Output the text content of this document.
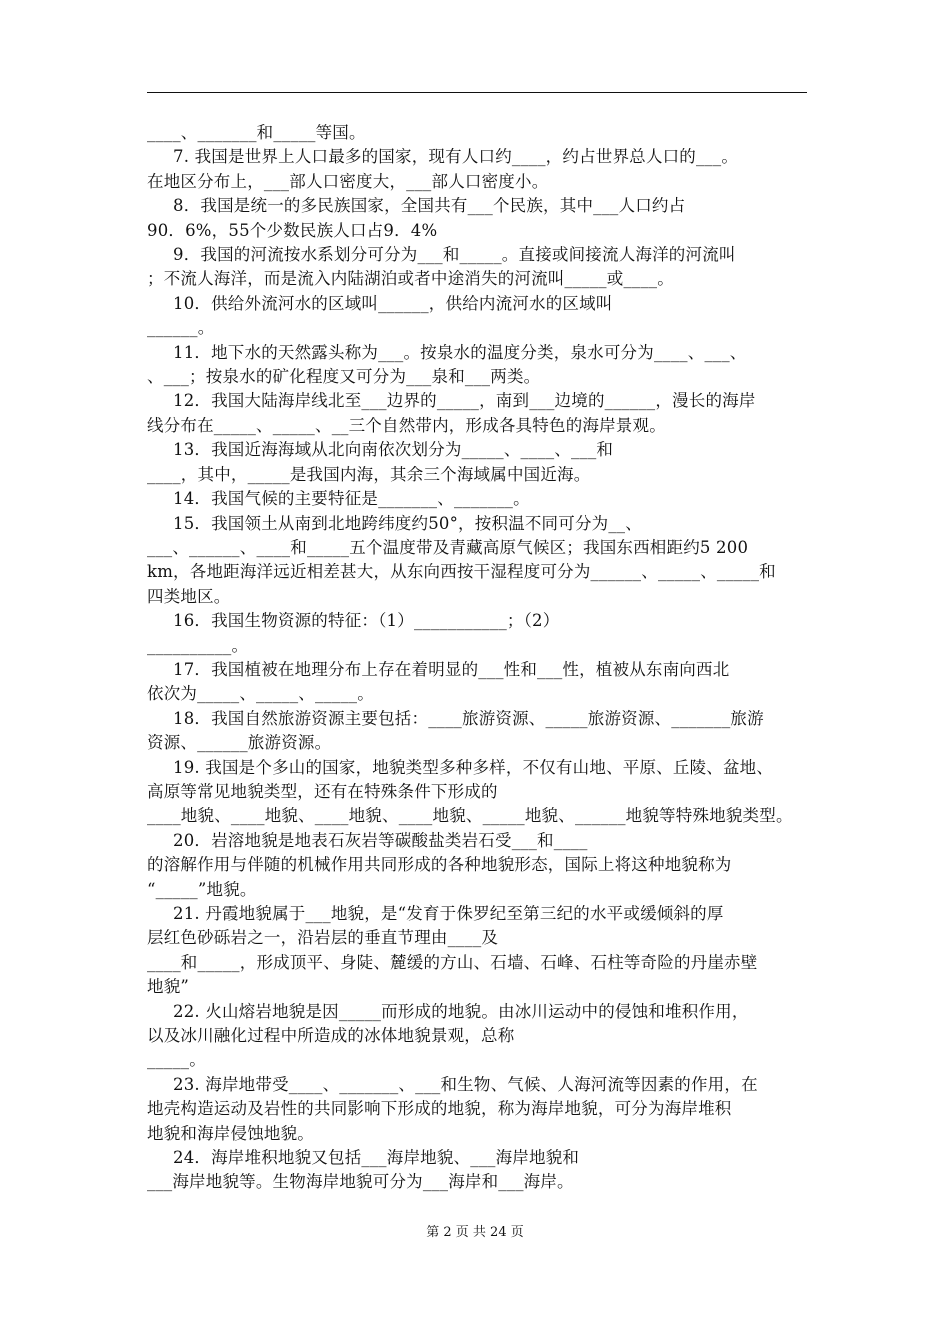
____、_______和_____等国。

7. 我国是世界上人口最多的国家，现有人口约____，约占世界总人口的___。

在地区分布上，___部人口密度大，___部人口密度小。

8．我国是统一的多民族国家，全国共有___个民族，其中___人口约占

90．6%，55个少数民族人口占9．4%

9．我国的河流按水系划分可分为___和_____。直接或间接流人海洋的河流叫

；不流人海洋，而是流入内陆湖泊或者中途消失的河流叫_____或____。

10．供给外流河水的区域叫______，供给内流河水的区域叫

______。

11．地下水的天然露头称为___。按泉水的温度分类，泉水可分为____、___、

、___；按泉水的矿化程度又可分为___泉和___两类。

12．我国大陆海岸线北至___边界的_____，南到___边境的______，漫长的海岸

线分布在_____、_____、__三个自然带内，形成各具特色的海岸景观。

13．我国近海海域从北向南依次划分为_____、____、___和

____，其中，_____是我国内海，其余三个海域属中国近海。

14．我国气候的主要特征是_______、_______。

15．我国领土从南到北地跨纬度约50°，按积温不同可分为__、

___、______、____和_____五个温度带及青藏高原气候区；我国东西相距约5 200

km，各地距海洋远近相差甚大，从东向西按干湿程度可分为______、_____、_____和

四类地区。

16．我国生物资源的特征：（1）___________；（2）

__________。

17．我国植被在地理分布上存在着明显的___性和___性，植被从东南向西北

依次为_____、_____、_____。

18．我国自然旅游资源主要包括：____旅游资源、_____旅游资源、_______旅游

资源、______旅游资源。

19. 我国是个多山的国家，地貌类型多种多样，不仅有山地、平原、丘陵、盆地、

高原等常见地貌类型，还有在特殊条件下形成的

____地貌、____地貌、____地貌、____地貌、_____地貌、______地貌等特殊地貌类型。

20．岩溶地貌是地表石灰岩等碳酸盐类岩石受___和____

的溶解作用与伴随的机械作用共同形成的各种地貌形态，国际上将这种地貌称为

“_____”地貌。

21. 丹霞地貌属于___地貌，是“发育于侏罗纪至第三纪的水平或缓倾斜的厚

层红色砂砾岩之一，沿岩层的垂直节理由____及

____和_____，形成顶平、身陡、麓缓的方山、石墙、石峰、石柱等奇险的丹崖赤壁

地貌”

22. 火山熔岩地貌是因_____而形成的地貌。由冰川运动中的侵蚀和堆积作用，

以及冰川融化过程中所造成的冰体地貌景观，总称

_____。

23. 海岸地带受____、_______、___和生物、气候、人海河流等因素的作用，在

地壳构造运动及岩性的共同影响下形成的地貌，称为海岸地貌，可分为海岸堆积

地貌和海岸侵蚀地貌。

24．海岸堆积地貌又包括___海岸地貌、___海岸地貌和

___海岸地貌等。生物海岸地貌可分为___海岸和___海岸。

第 2 页 共 24 页
